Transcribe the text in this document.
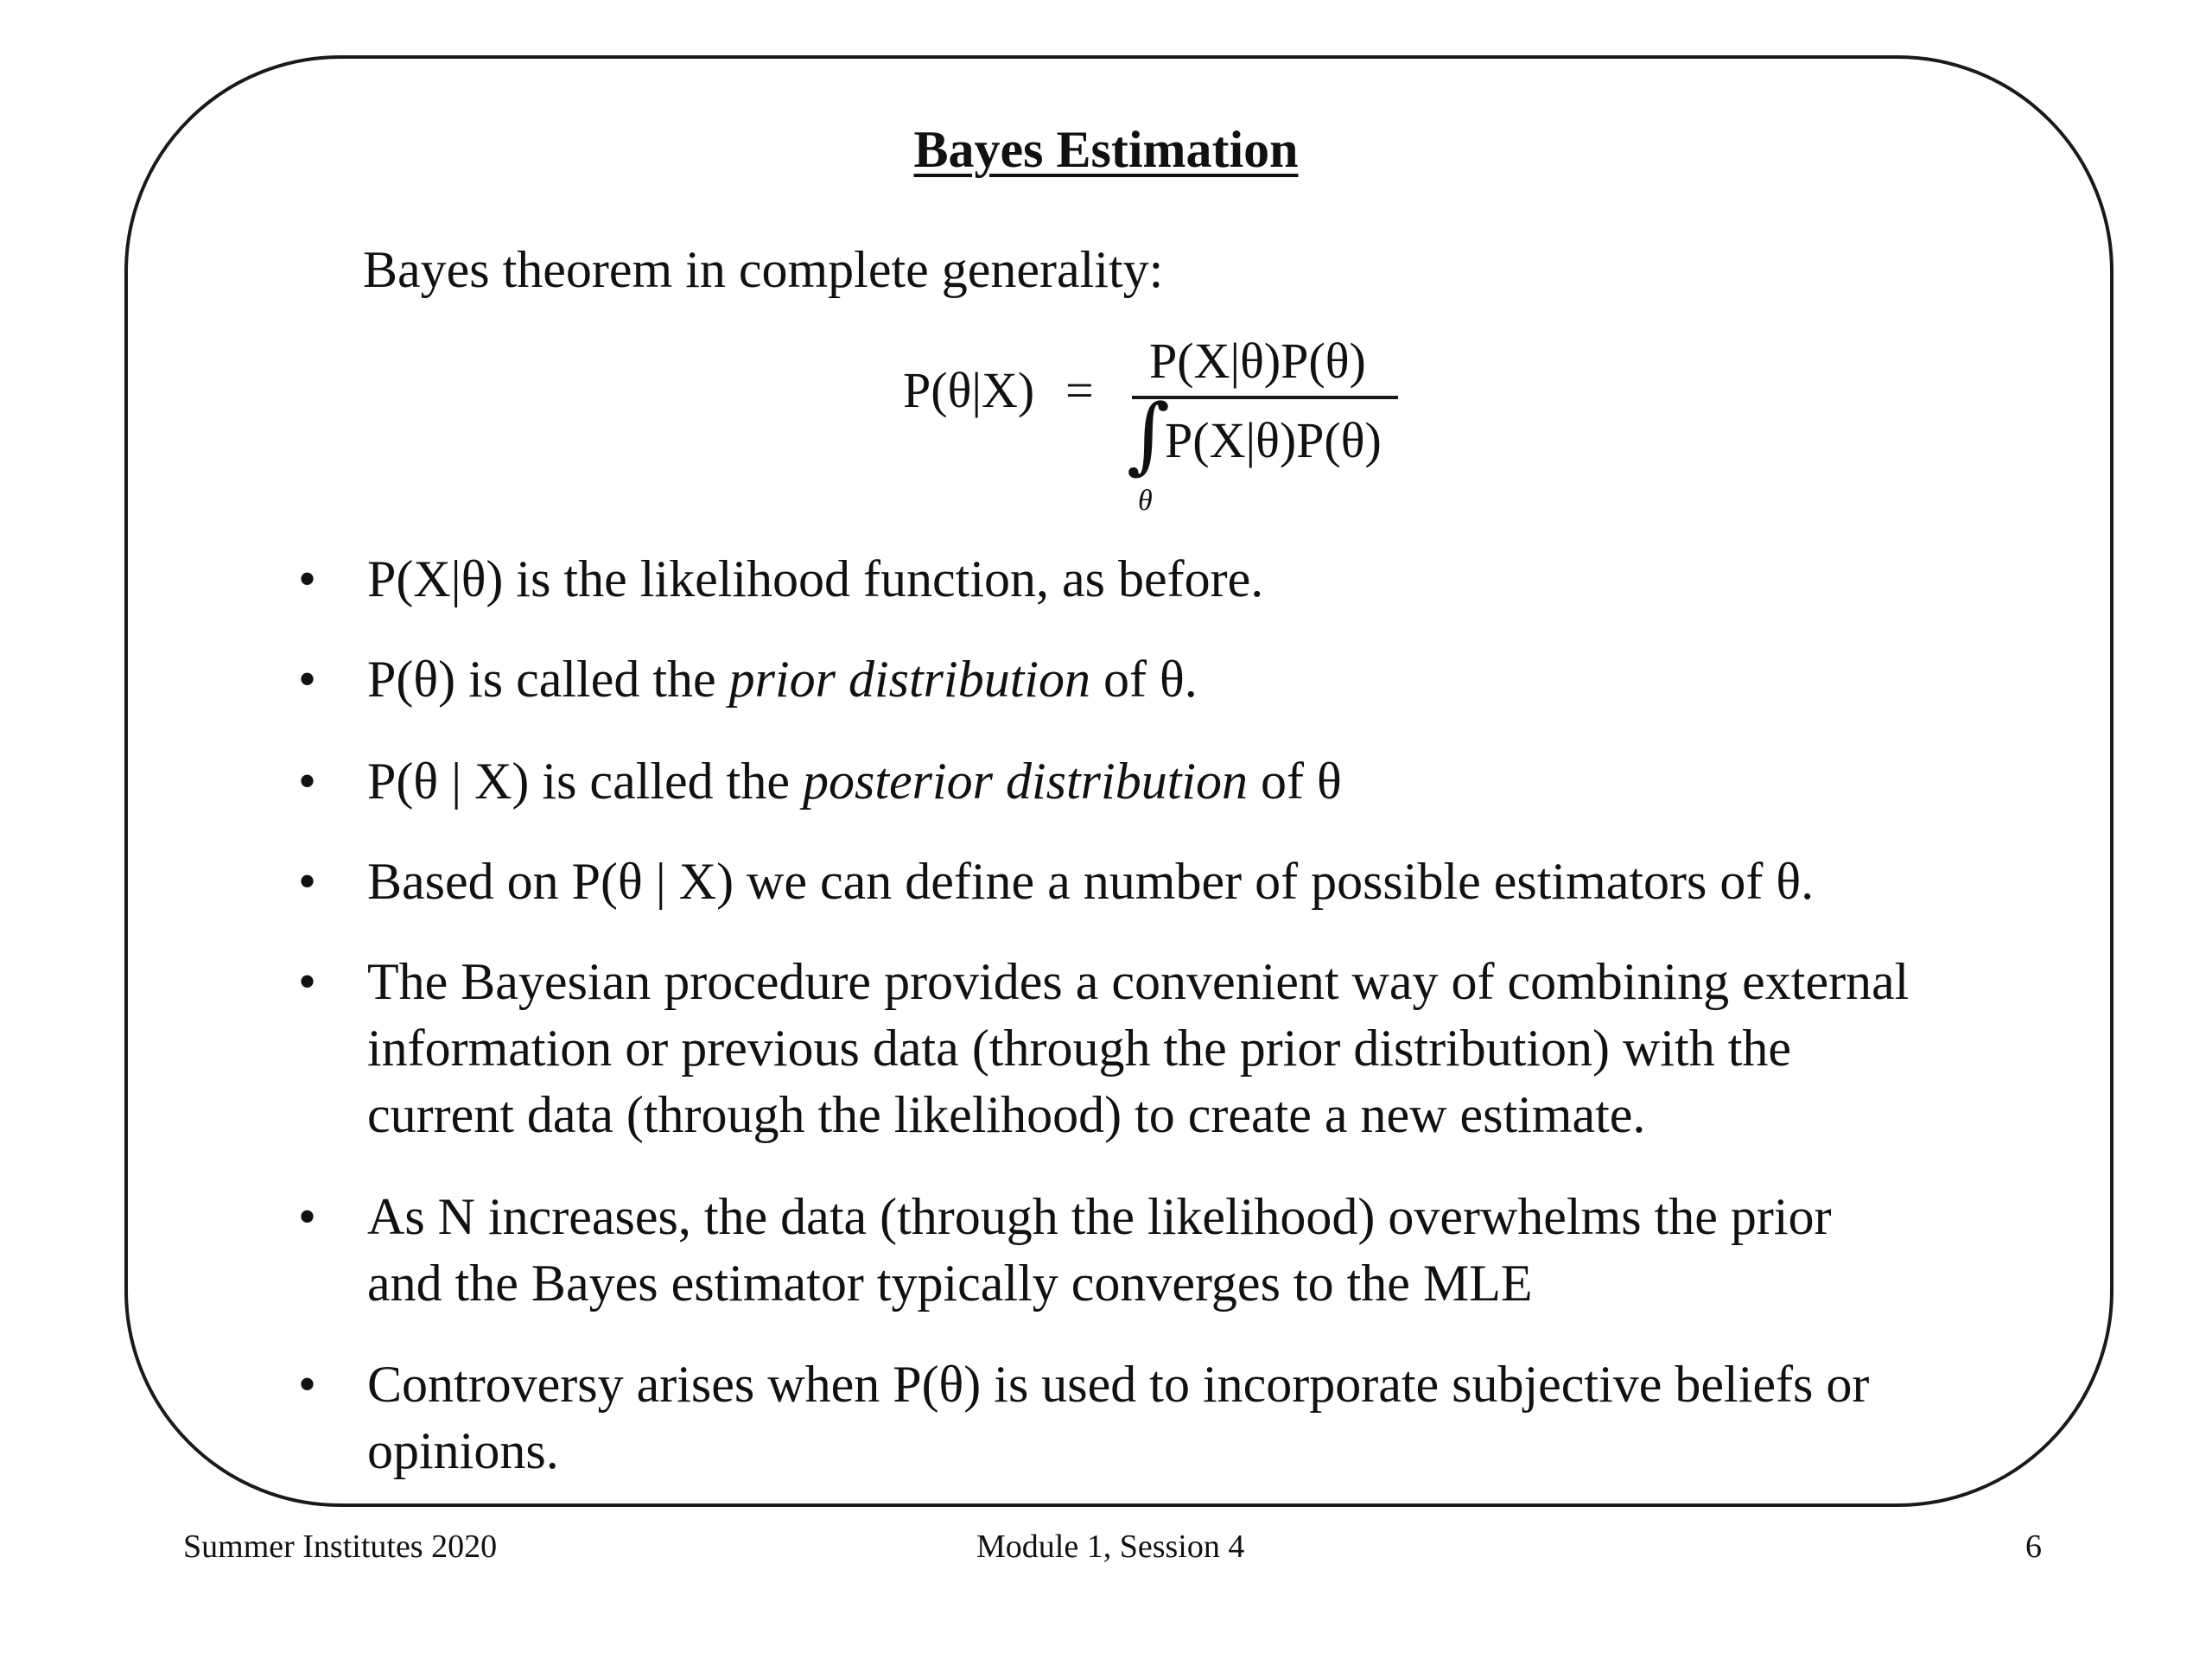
Bayes Estimation
Bayes theorem in complete generality:
P(θ|X) =
P(X|θ)P(θ)
∫
P(X|θ)P(θ)
θ
• P(X|θ) is the likelihood function, as before.
• P(θ) is called the prior distribution of θ.
• P(θ | X) is called the posterior distribution of θ
• Based on P(θ | X) we can define a number of possible estimators of θ.
• The Bayesian procedure provides a convenient way of combining external
information or previous data (through the prior distribution) with the
current data (through the likelihood) to create a new estimate.
• As N increases, the data (through the likelihood) overwhelms the prior
and the Bayes estimator typically converges to the MLE
• Controversy arises when P(θ) is used to incorporate subjective beliefs or
opinions.
Summer Institutes 2020	Module 1, Session 4	6
